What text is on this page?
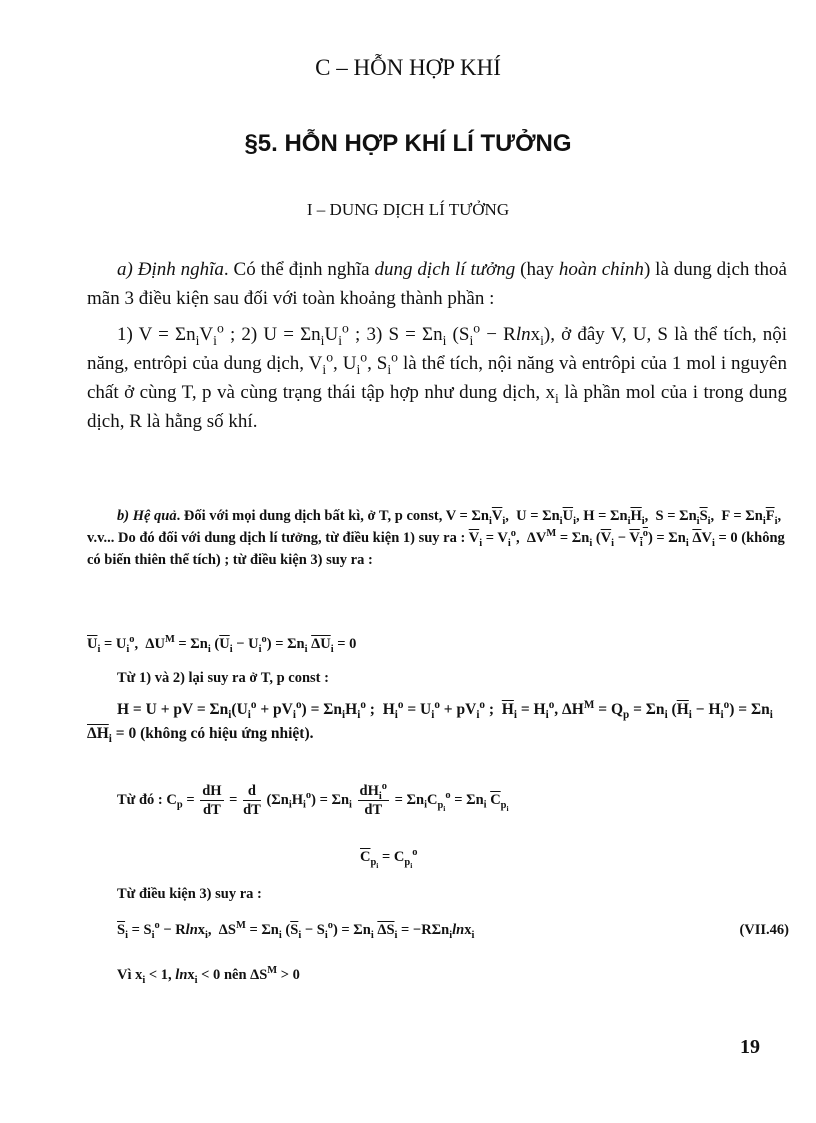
C – HỖN HỢP KHÍ
§5. HỖN HỢP KHÍ LÍ TƯỞNG
I – DUNG DỊCH LÍ TƯỞNG
a) Định nghĩa. Có thể định nghĩa dung dịch lí tưởng (hay hoàn chỉnh) là dung dịch thoả mãn 3 điều kiện sau đối với toàn khoảng thành phần :
1) $V = \Sigma n_iV_i^o$ ; 2) $U = \Sigma n_iU_i^o$ ; 3) $S = \Sigma n_i$ $(S_i^o - Rlnx_i)$, ở đây V, U, S là thể tích, nội năng, entrôpi của dung dịch, $V_i^o$, $U_i^o$, $S_i^o$ là thể tích, nội năng và entrôpi của 1 mol i nguyên chất ở cùng T, p và cùng trạng thái tập hợp như dung dịch, $x_i$ là phần mol của i trong dung dịch, R là hằng số khí.
b) Hệ quả. Đối với mọi dung dịch bất kì, ở T, p const, $V = \Sigma n_i\overline{V}_i$,  $U = \Sigma n_i\overline{U}_i$, $H = \Sigma n_i\overline{H}_i$,  $S = \Sigma n_i\overline{S}_i$,  $F = \Sigma n_i\overline{F}_i$, v.v... Do đó đối với dung dịch lí tưởng, từ điều kiện 1) suy ra : $\overline{V}_i = V_i^o$,  $\Delta V^M = \Sigma n_i$ $(\overline{V}_i - V_i^o) = \Sigma n_i$ $\overline{\Delta}V_i = 0$ (không có biến thiên thể tích) ; từ điều kiện 3) suy ra :
$\overline{U}_i = U_i^o$,  $\Delta U^M = \Sigma n_i$ $(\overline{U}_i - U_i^o) = \Sigma n_i$ $\overline{\Delta U}_i = 0$
Từ 1) và 2) lại suy ra ở T, p const :
H = U + pV = $\Sigma n_i(U_i^o + pV_i^o) = \Sigma n_iH_i^o$ ;  $H_i^o = U_i^o + pV_i^o$ ;  $\overline{H}_i = H_i^o$, $\Delta H^M = Q_p = \Sigma n_i$ $(\overline{H}_i - H_i^o) = \Sigma n_i$ $\overline{\Delta H}_i = 0$ (không có hiệu ứng nhiệt).
Từ đó : $C_p = \frac{dH}{dT} = \frac{d}{dT} (\Sigma n_iH_i^o) = \Sigma n_i \frac{dH_i^o}{dT} = \Sigma n_iC_{p_i}^o = \Sigma n_i$ $\overline{C}_{p_i}$
$\overline{C}_{p_i} = C_{p_i}^o$
Từ điều kiện 3) suy ra :
$\overline{S}_i = S_i^o - Rlnx_i$,  $\Delta S^M = \Sigma n_i$ $(\overline{S}_i - S_i^o) = \Sigma n_i$ $\overline{\Delta S}_i = -R\Sigma n_i\ln x_i$	(VII.46)
Vì $x_i < 1$, lnx$_i$ < 0 nên $\Delta S^M > 0$
19
